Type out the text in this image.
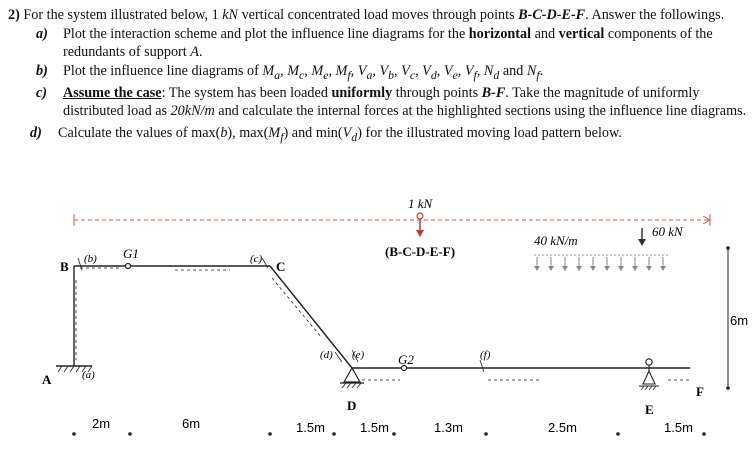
2) For the system illustrated below, 1 kN vertical concentrated load moves through points B-C-D-E-F. Answer the followings.

a) Plot the interaction scheme and plot the influence line diagrams for the horizontal and vertical components of the redundants of support A.

b) Plot the influence line diagrams of $M_a$, $M_c$, $M_e$, $M_f$, $V_a$, $V_b$, $V_c$, $V_d$, $V_e$, $V_f$, $N_d$ and $N_f$.

c) Assume the case: The system has been loaded uniformly through points B-F. Take the magnitude of uniformly distributed load as 20kN/m and calculate the internal forces at the highlighted sections using the influence line diagrams.

d) Calculate the values of max(b), $\max(M_f)$ and $\min(V_d)$ for the illustrated moving load pattern below.

1 kN
(B-C-D-E-F)
40 kN/m
60 kN
G1
G2
B	C
A
D	E
F
(b)	(c)
(a)
(d) (e)	(f)
6m
2m	6m	1.5m	1.5m	1.3m	2.5m	1.5m
